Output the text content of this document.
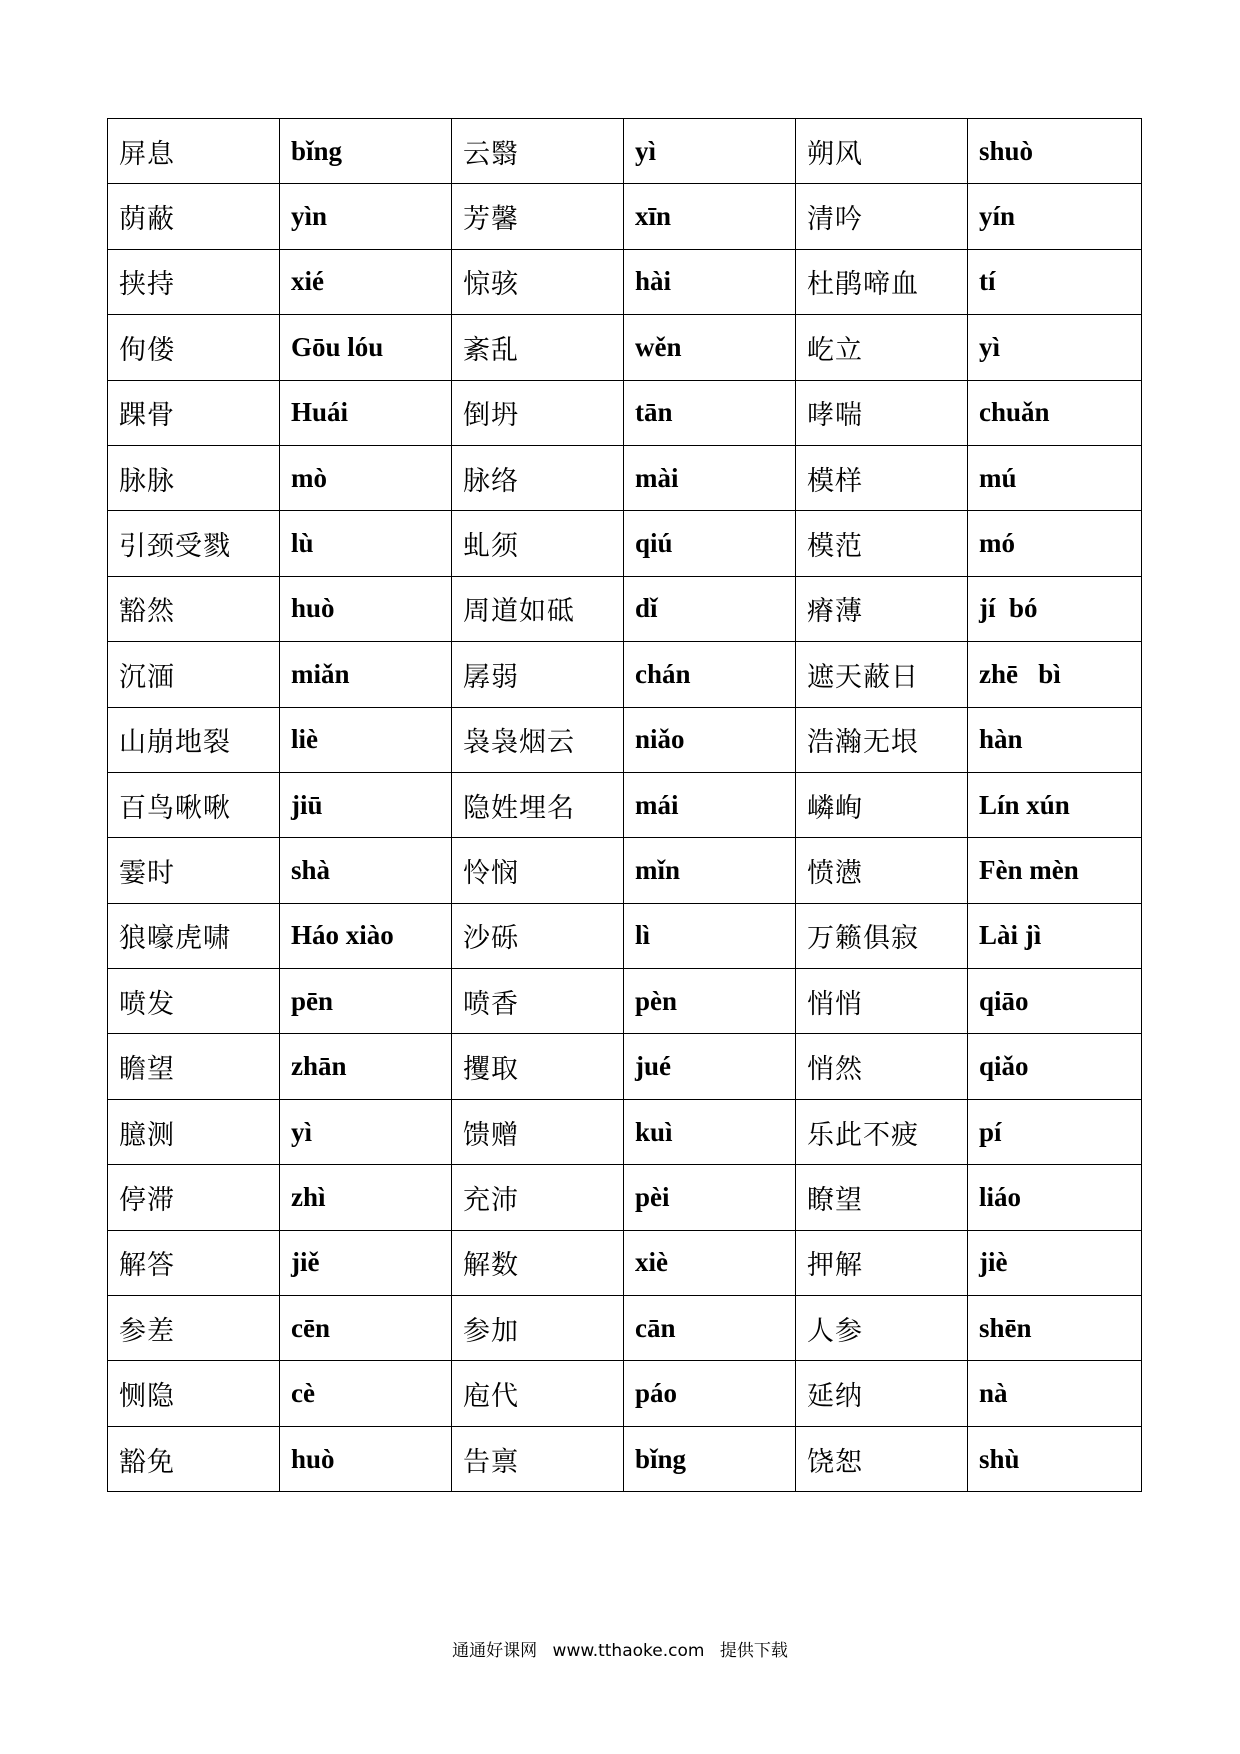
屏息	bǐng	云翳	yì	朔风	shuò
荫蔽	yìn	芳馨	xīn	清吟	yín
挟持	xié	惊骇	hài	杜鹃啼血	tí
佝偻	Gōu lóu	紊乱	wěn	屹立	yì
踝骨	Huái	倒坍	tān	哮喘	chuǎn
脉脉	mò	脉络	mài	模样	mú
引颈受戮	lù	虬须	qiú	模范	mó
豁然	huò	周道如砥	dǐ	瘠薄	jí  bó
沉湎	miǎn	孱弱	chán	遮天蔽日	zhē   bì
山崩地裂	liè	袅袅烟云	niǎo	浩瀚无垠	hàn
百鸟啾啾	jiū	隐姓埋名	mái	嶙峋	Lín xún
霎时	shà	怜悯	mǐn	愤懑	Fèn mèn
狼嚎虎啸	Háo xiào	沙砾	lì	万籁俱寂	Lài jì
喷发	pēn	喷香	pèn	悄悄	qiāo
瞻望	zhān	攫取	jué	悄然	qiǎo
臆测	yì	馈赠	kuì	乐此不疲	pí
停滞	zhì	充沛	pèi	瞭望	liáo
解答	jiě	解数	xiè	押解	jiè
参差	cēn	参加	cān	人参	shēn
恻隐	cè	庖代	páo	延纳	nà
豁免	huò	告禀	bǐng	饶恕	shù
通通好课网 www.tthaoke.com 提供下载
